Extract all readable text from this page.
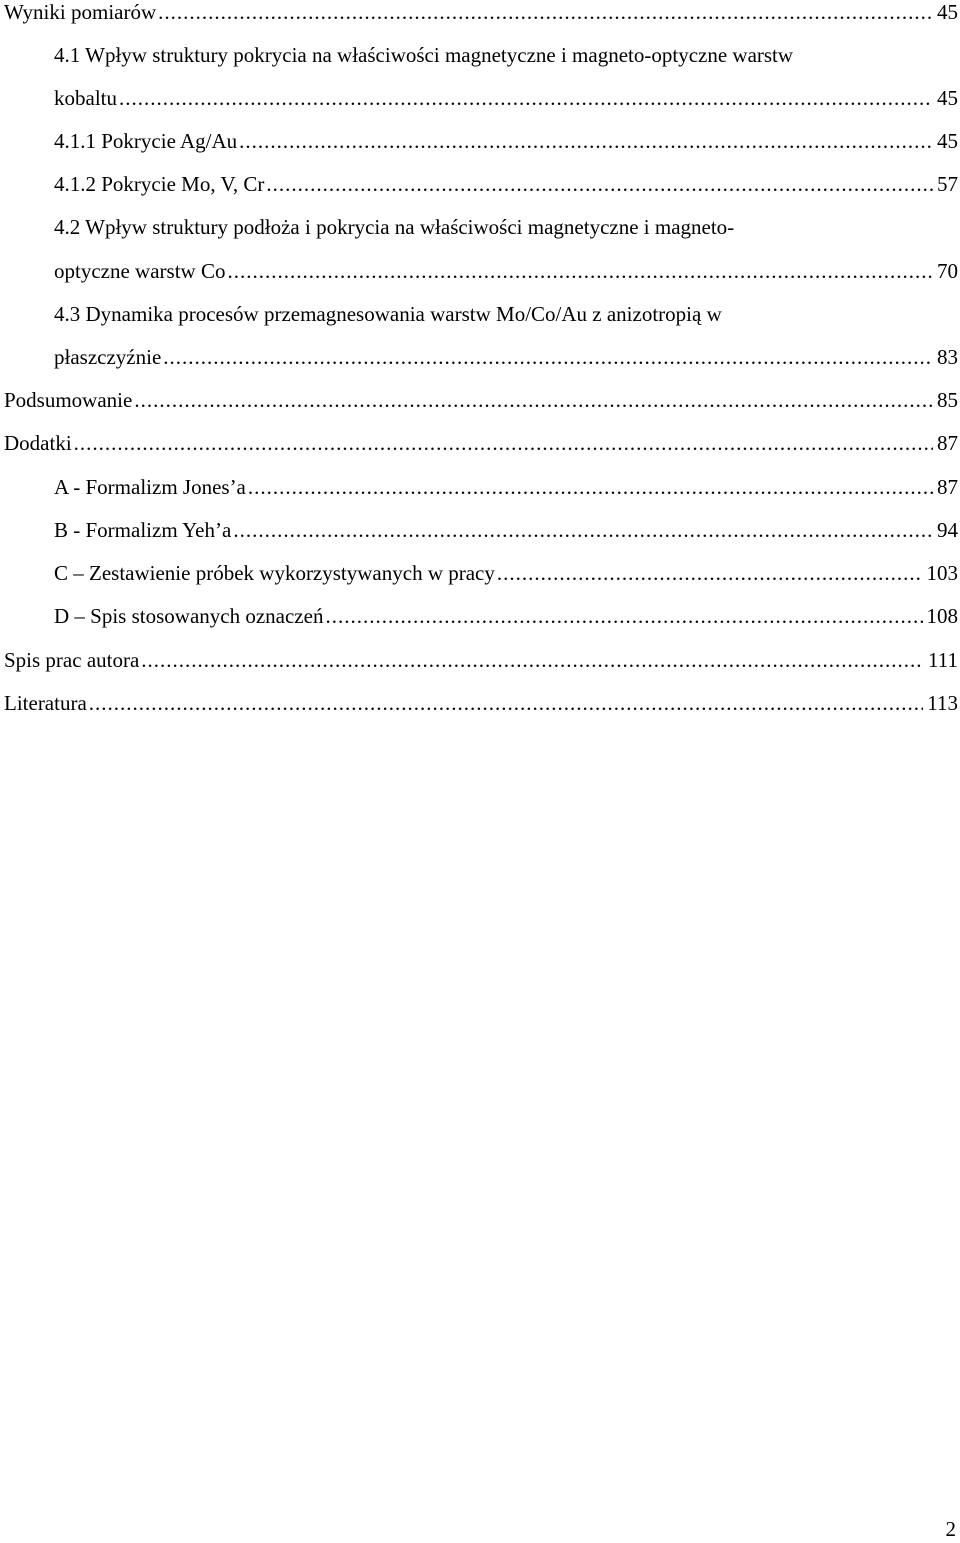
Wyniki pomiarów .....	45
4.1 Wpływ struktury pokrycia na właściwości magnetyczne i magneto-optyczne warstw
kobaltu .....	45
4.1.1 Pokrycie Ag/Au .....	45
4.1.2 Pokrycie Mo, V, Cr .....	57
4.2 Wpływ struktury podłoża i pokrycia na właściwości magnetyczne i magneto-
optyczne warstw Co .....	70
4.3 Dynamika procesów przemagnesowania warstw Mo/Co/Au z anizotropią w
płaszczyźnie .....	83
Podsumowanie .....	85
Dodatki .....	87
A - Formalizm Jones’a .....	87
B - Formalizm Yeh’a .....	94
C – Zestawienie próbek wykorzystywanych w pracy .....	103
D – Spis stosowanych oznaczeń .....	108
Spis prac autora .....	111
Literatura .....	113
2
